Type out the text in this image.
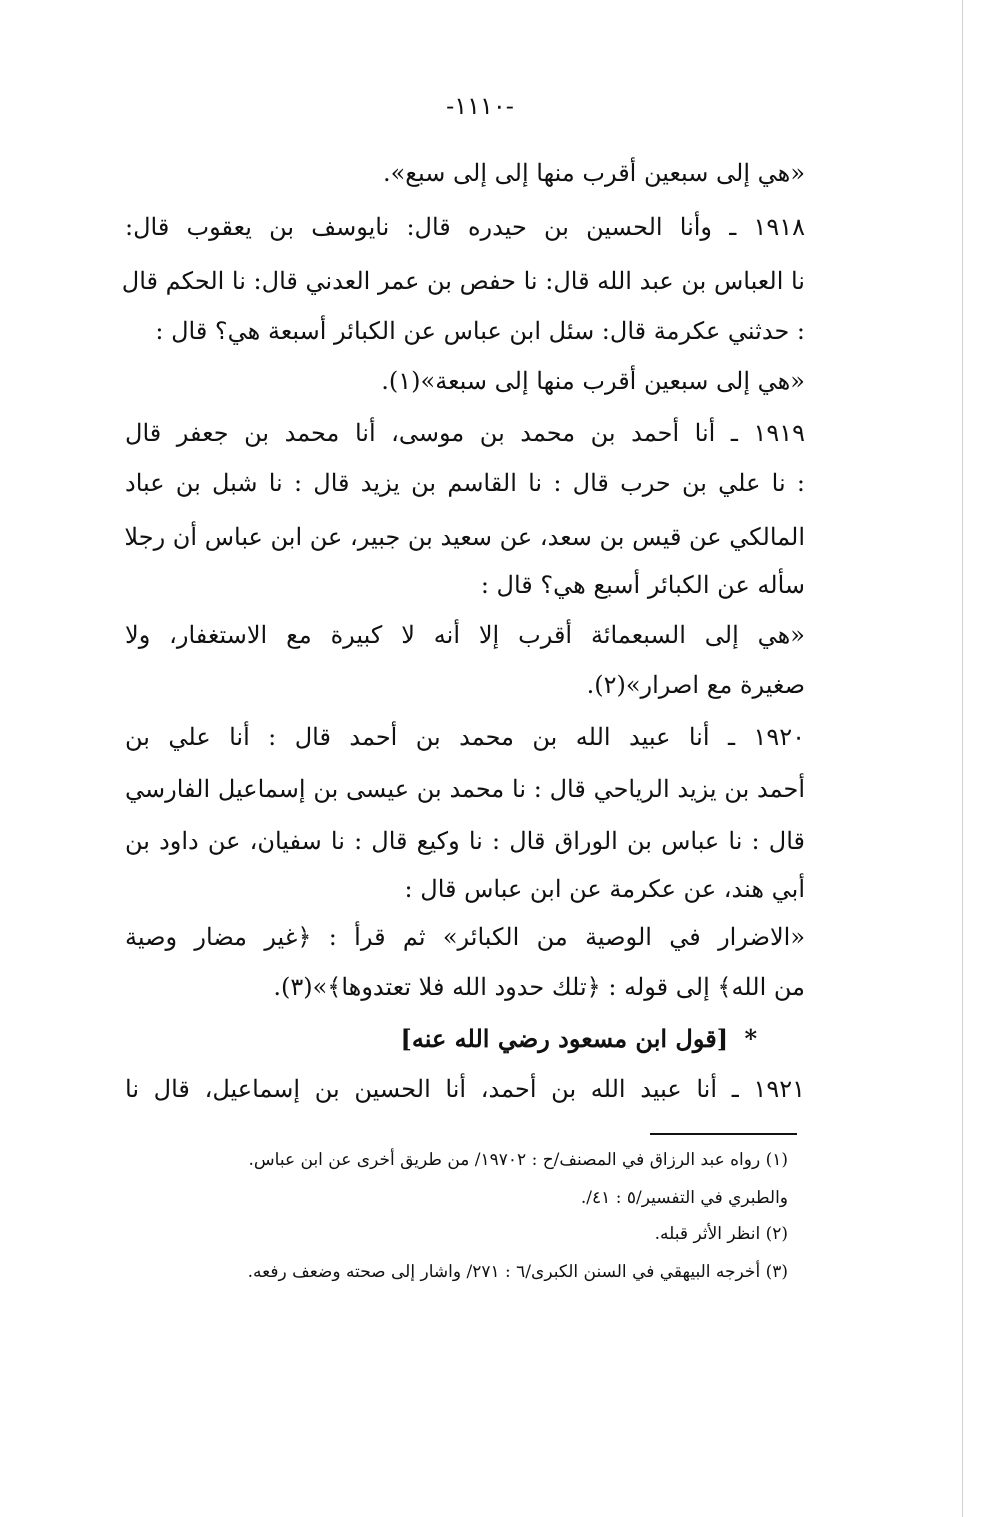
-١١١٠-
«هي إلى سبعين أقرب منها إلى إلى سبع».
١٩١٨ ـ وأنا الحسين بن حيدره قال: نايوسف بن يعقوب قال:
نا العباس بن عبد الله قال: نا حفص بن عمر العدني قال: نا الحكم قال
: حدثني عكرمة قال: سئل ابن عباس عن الكبائر أسبعة هي؟ قال :
«هي إلى سبعين أقرب منها إلى سبعة»(١).
١٩١٩ ـ أنا أحمد بن محمد بن موسى، أنا محمد بن جعفر قال
: نا علي بن حرب قال : نا القاسم بن يزيد قال : نا شبل بن عباد
المالكي عن قيس بن سعد، عن سعيد بن جبير، عن ابن عباس أن رجلا
سأله عن الكبائر أسبع هي؟ قال :
«هي إلى السبعمائة أقرب إلا أنه لا كبيرة مع الاستغفار، ولا
صغيرة مع اصرار»(٢).
١٩٢٠ ـ أنا عبيد الله بن محمد بن أحمد قال : أنا علي بن
أحمد بن يزيد الرياحي قال : نا محمد بن عيسى بن إسماعيل الفارسي
قال : نا عباس بن الوراق قال : نا وكيع قال : نا سفيان، عن داود بن
أبي هند، عن عكرمة عن ابن عباس قال :
«الاضرار في الوصية من الكبائر» ثم قرأ : ﴿غير مضار وصية
من الله﴾ إلى قوله : ﴿تلك حدود الله فلا تعتدوها﴾»(٣).
* [قول ابن مسعود رضي الله عنه]
١٩٢١ ـ أنا عبيد الله بن أحمد، أنا الحسين بن إسماعيل، قال نا
(١) رواه عبد الرزاق في المصنف/ح : ١٩٧٠٢/ من طريق أخرى عن ابن عباس.
والطبري في التفسير/٥ : ٤١/.
(٢) انظر الأثر قبله.
(٣) أخرجه البيهقي في السنن الكبرى/٦ : ٢٧١/ واشار إلى صحته وضعف رفعه.
